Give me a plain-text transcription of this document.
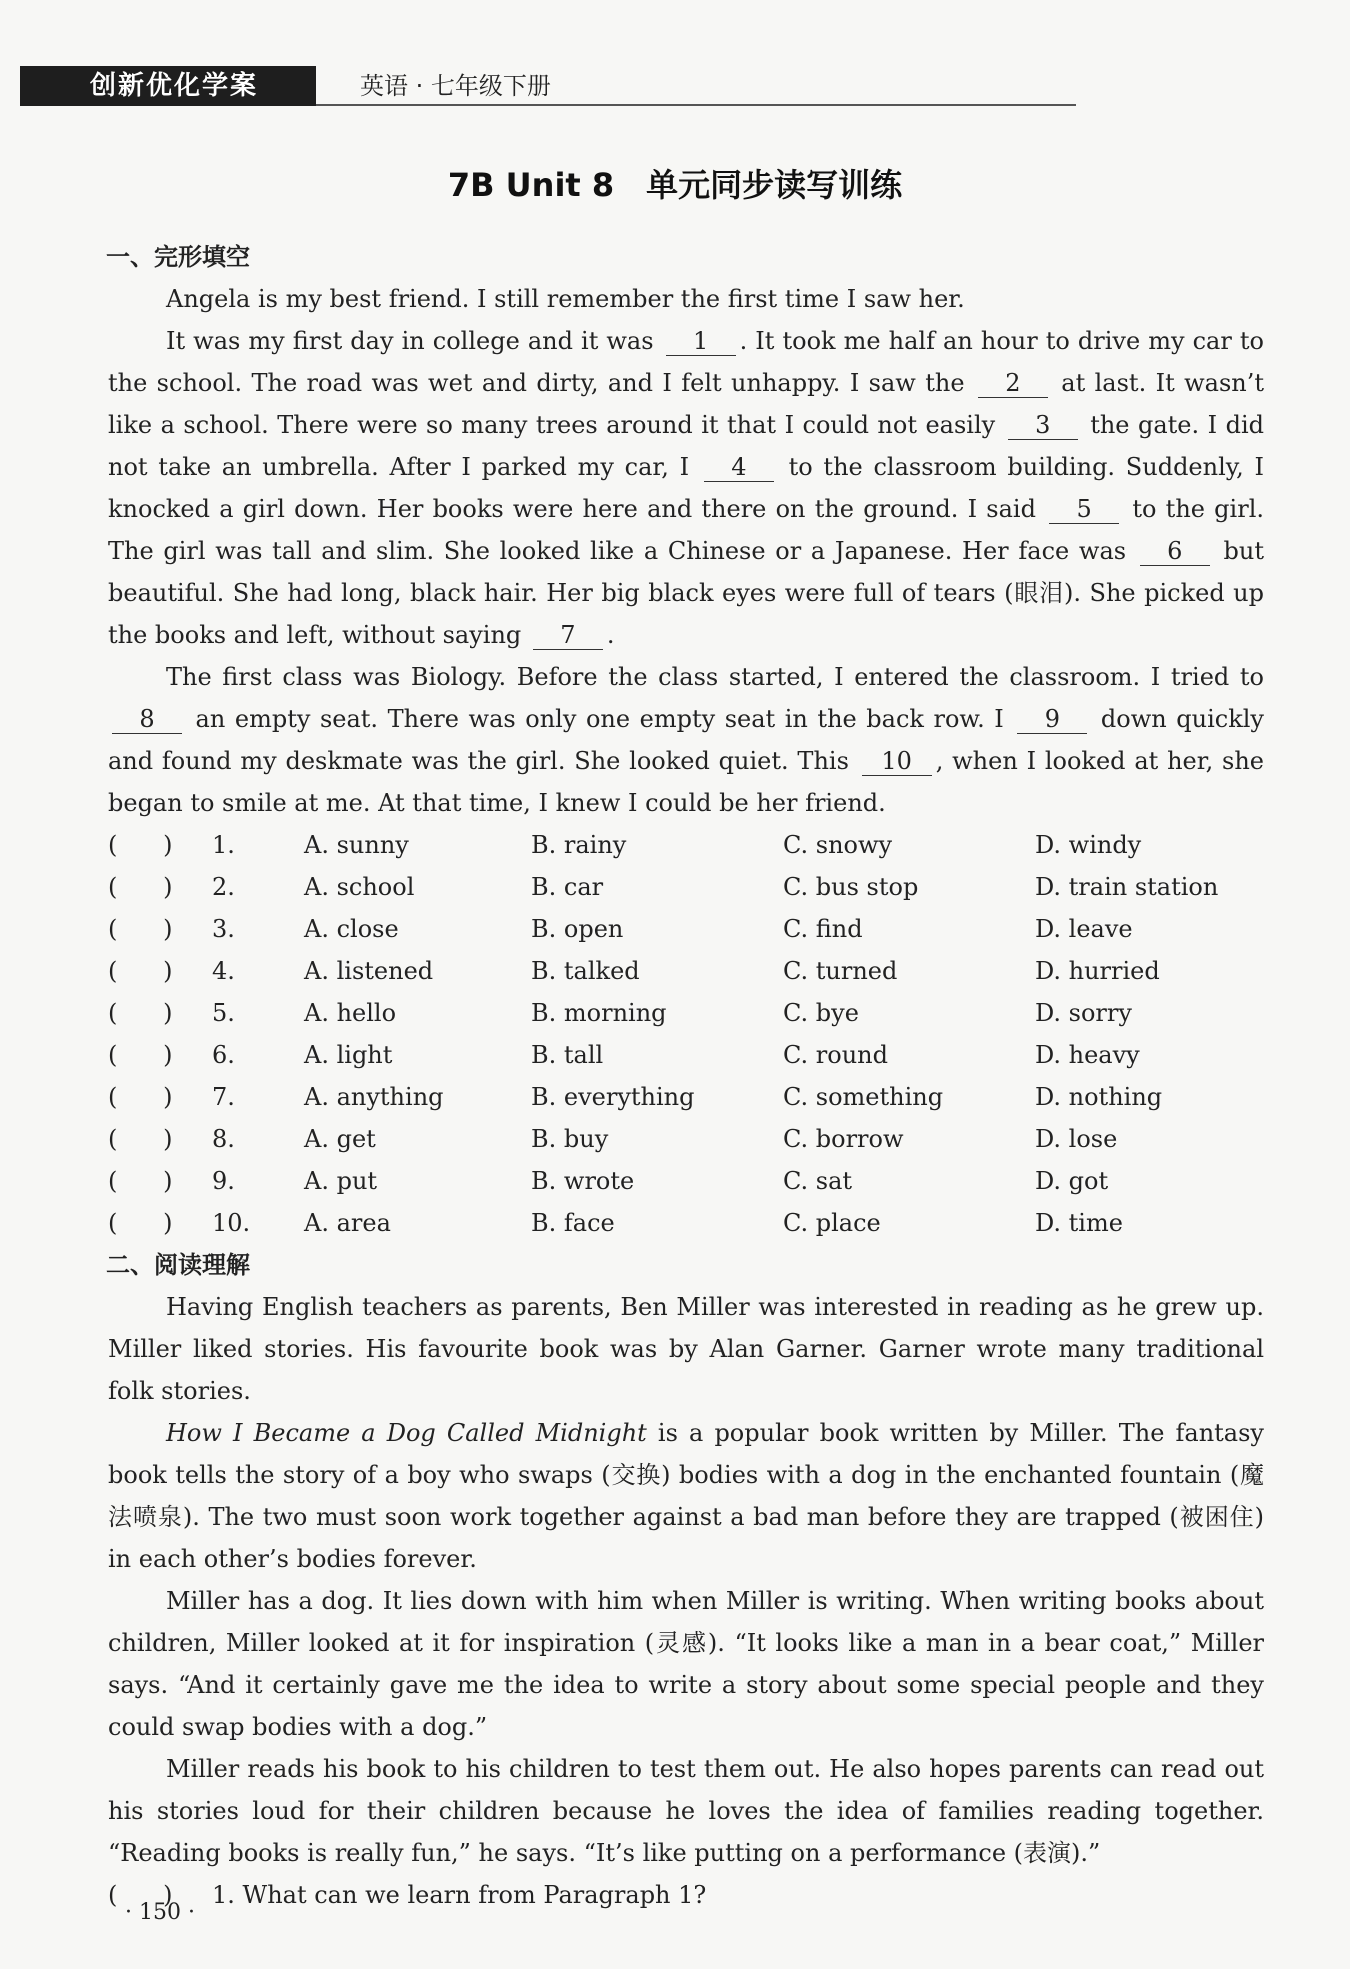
创新优化学案	英语 · 七年级下册
7B Unit 8　单元同步读写训练
一、完形填空

Angela is my best friend. I still remember the first time I saw her.

It was my first day in college and it was 1 . It took me half an hour to drive my car to the school. The road was wet and dirty, and I felt unhappy. I saw the 2 at last. It wasn’t like a school. There were so many trees around it that I could not easily 3 the gate. I did not take an umbrella. After I parked my car, I 4 to the classroom building. Suddenly, I knocked a girl down. Her books were here and there on the ground. I said 5 to the girl. The girl was tall and slim. She looked like a Chinese or a Japanese. Her face was 6 but beautiful. She had long, black hair. Her big black eyes were full of tears (眼泪). She picked up the books and left, without saying 7 .

The first class was Biology. Before the class started, I entered the classroom. I tried to 8 an empty seat. There was only one empty seat in the back row. I 9 down quickly and found my deskmate was the girl. She looked quiet. This 10 , when I looked at her, she began to smile at me. At that time, I knew I could be her friend.

(      )	1.	A. sunny	B. rainy	C. snowy	D. windy
(      )	2.	A. school	B. car	C. bus stop	D. train station
(      )	3.	A. close	B. open	C. find	D. leave
(      )	4.	A. listened	B. talked	C. turned	D. hurried
(      )	5.	A. hello	B. morning	C. bye	D. sorry
(      )	6.	A. light	B. tall	C. round	D. heavy
(      )	7.	A. anything	B. everything	C. something	D. nothing
(      )	8.	A. get	B. buy	C. borrow	D. lose
(      )	9.	A. put	B. wrote	C. sat	D. got
(      )	10.	A. area	B. face	C. place	D. time
二、阅读理解

Having English teachers as parents, Ben Miller was interested in reading as he grew up. Miller liked stories. His favourite book was by Alan Garner. Garner wrote many traditional folk stories.

How I Became a Dog Called Midnight is a popular book written by Miller. The fantasy book tells the story of a boy who swaps (交换) bodies with a dog in the enchanted fountain (魔法喷泉). The two must soon work together against a bad man before they are trapped (被困住) in each other’s bodies forever.

Miller has a dog. It lies down with him when Miller is writing. When writing books about children, Miller looked at it for inspiration (灵感). “It looks like a man in a bear coat,” Miller says. “And it certainly gave me the idea to write a story about some special people and they could swap bodies with a dog.”

Miller reads his book to his children to test them out. He also hopes parents can read out his stories loud for their children because he loves the idea of families reading together. “Reading books is really fun,” he says. “It’s like putting on a performance (表演).”

(      )	1. What can we learn from Paragraph 1?
· 150 ·
